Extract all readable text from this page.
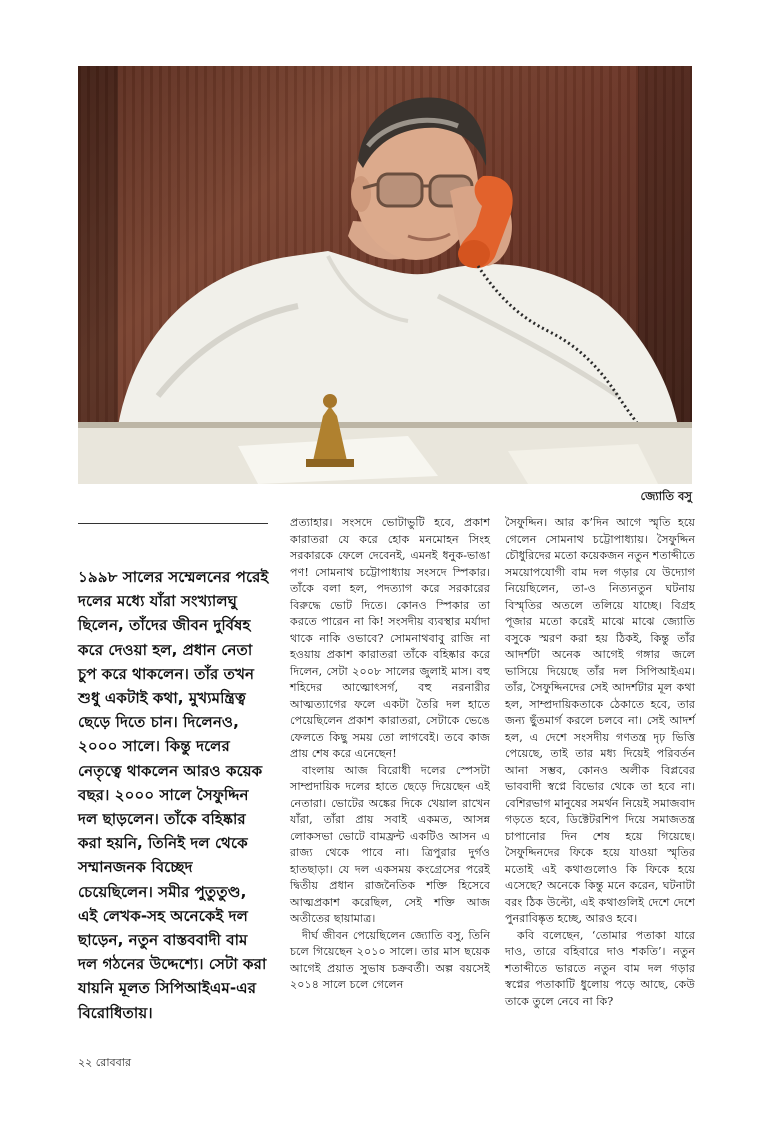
জ্যোতি বসু
১৯৯৮ সালের সম্মেলনের পরেই দলের মধ্যে যাঁরা সংখ্যালঘু ছিলেন, তাঁদের জীবন দুর্বিষহ করে দেওয়া হল, প্রধান নেতা চুপ করে থাকলেন। তাঁর তখন শুধু একটাই কথা, মুখ্যমন্ত্রিত্ব ছেড়ে দিতে চান। দিলেনও, ২০০০ সালে। কিন্তু দলের নেতৃত্বে থাকলেন আরও কয়েক বছর। ২০০০ সালে সৈফুদ্দিন দল ছাড়লেন। তাঁকে বহিষ্কার করা হয়নি, তিনিই দল থেকে সম্মানজনক বিচ্ছেদ চেয়েছিলেন। সমীর পুতুতুণ্ড, এই লেখক-সহ অনেকেই দল ছাড়েন, নতুন বাস্তববাদী বাম দল গঠনের উদ্দেশ্যে। সেটা করা যায়নি মূলত সিপিআইএম-এর বিরোধিতায়।

প্রত্যাহার। সংসদে ভোটাভুটি হবে, প্রকাশ কারাতরা যে করে হোক মনমোহন সিংহ সরকারকে ফেলে দেবেনই, এমনই ধনুক-ভাঙা পণ! সোমনাথ চট্টোপাধ্যায় সংসদে স্পিকার। তাঁকে বলা হল, পদত্যাগ করে সরকারের বিরুদ্ধে ভোট দিতে। কোনও স্পিকার তা করতে পারেন না কি! সংসদীয় ব্যবস্থার মর্যাদা থাকে নাকি ওভাবে? সোমনাথবাবু রাজি না হওয়ায় প্রকাশ কারাতরা তাঁকে বহিষ্কার করে দিলেন, সেটা ২০০৮ সালের জুলাই মাস। বহু শহিদের আত্মোৎসর্গ, বহু নরনারীর আত্মত্যাগের ফলে একটা তৈরি দল হাতে পেয়েছিলেন প্রকাশ কারাতরা, সেটাকে ভেঙে ফেলতে কিছু সময় তো লাগবেই। তবে কাজ প্রায় শেষ করে এনেছেন!

বাংলায় আজ বিরোধী দলের স্পেসটা সাম্প্রদায়িক দলের হাতে ছেড়ে দিয়েছেন এই নেতারা। ভোটের অঙ্কের দিকে খেয়াল রাখেন যাঁরা, তাঁরা প্রায় সবাই একমত, আসন্ন লোকসভা ভোটে বামফ্রন্ট একটিও আসন এ রাজ্য থেকে পাবে না। ত্রিপুরার দুর্গও হাতছাড়া। যে দল একসময় কংগ্রেসের পরেই দ্বিতীয় প্রধান রাজনৈতিক শক্তি হিসেবে আত্মপ্রকাশ করেছিল, সেই শক্তি আজ অতীতের ছায়ামাত্র।

দীর্ঘ জীবন পেয়েছিলেন জ্যোতি বসু, তিনি চলে গিয়েছেন ২০১০ সালে। তার মাস ছয়েক আগেই প্রয়াত সুভাষ চক্রবর্তী। অল্প বয়সেই ২০১৪ সালে চলে গেলেন

সৈফুদ্দিন। আর ক’দিন আগে স্মৃতি হয়ে গেলেন সোমনাথ চট্টোপাধ্যায়। সৈফুদ্দিন চৌধুরিদের মতো কয়েকজন নতুন শতাব্দীতে সময়োপযোগী বাম দল গড়ার যে উদ্যোগ নিয়েছিলেন, তা-ও নিত্যনতুন ঘটনায় বিস্মৃতির অতলে তলিয়ে যাচ্ছে। বিগ্রহ পূজার মতো করেই মাঝে মাঝে জ্যোতি বসুকে স্মরণ করা হয় ঠিকই, কিন্তু তাঁর আদর্শটা অনেক আগেই গঙ্গার জলে ভাসিয়ে দিয়েছে তাঁর দল সিপিআইএম। তাঁর, সৈফুদ্দিনদের সেই আদর্শটার মূল কথা হল, সাম্প্রদায়িকতাকে ঠেকাতে হবে, তার জন্য ছুঁতমার্গ করলে চলবে না। সেই আদর্শ হল, এ দেশে সংসদীয় গণতন্ত্র দৃঢ় ভিত্তি পেয়েছে, তাই তার মধ্য দিয়েই পরিবর্তন আনা সম্ভব, কোনও অলীক বিপ্লবের ভাববাদী স্বপ্নে বিভোর থেকে তা হবে না। বেশিরভাগ মানুষের সমর্থন নিয়েই সমাজবাদ গড়তে হবে, ডিক্টেটরশিপ দিয়ে সমাজতন্ত্র চাপানোর দিন শেষ হয়ে গিয়েছে। সৈফুদ্দিনদের ফিকে হয়ে যাওয়া স্মৃতির মতোই এই কথাগুলোও কি ফিকে হয়ে এসেছে? অনেকে কিন্তু মনে করেন, ঘটনাটা বরং ঠিক উল্টো, এই কথাগুলিই দেশে দেশে পুনরাবিষ্কৃত হচ্ছে, আরও হবে।

কবি বলেছেন, ‘তোমার পতাকা যারে দাও, তারে বহিবারে দাও শকতি’। নতুন শতাব্দীতে ভারতে নতুন বাম দল গড়ার স্বপ্নের পতাকাটি ধুলোয় পড়ে আছে, কেউ তাকে তুলে নেবে না কি?

২২ রোববার
